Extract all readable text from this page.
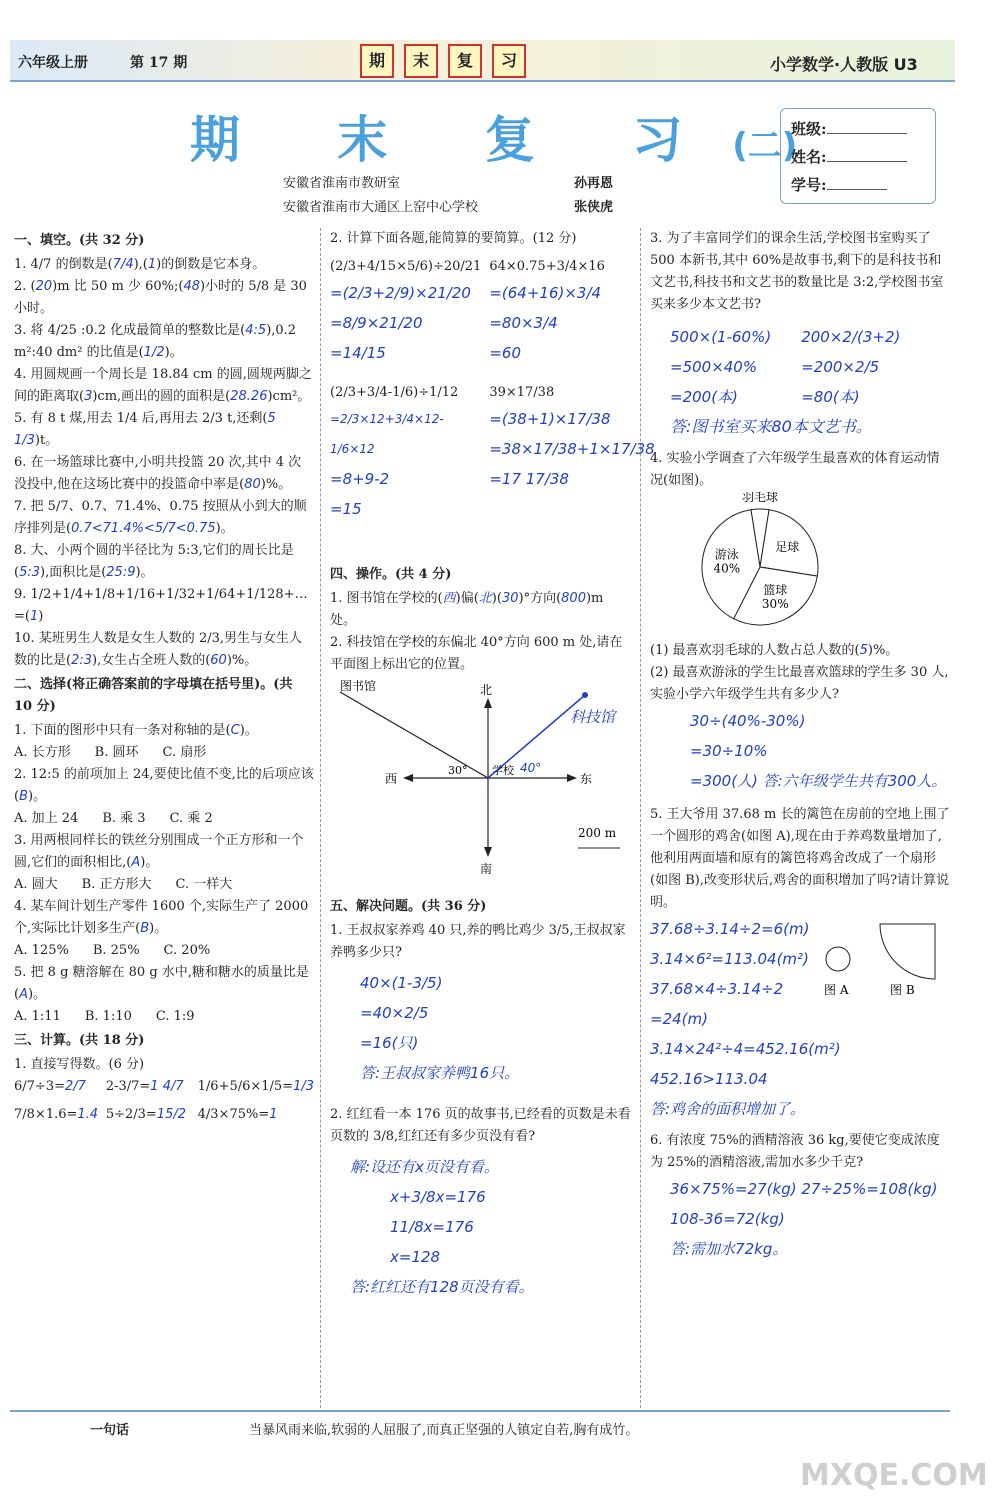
六年级上册	第 17 期	期	末	复	习	小学数学·人教版 U3
期 末 复 习 (二)
安徽省淮南市教研室	孙再恩
安徽省淮南市大通区上窑中心学校	张侠虎
班级:
姓名:
学号:
一、填空。(共 32 分)
1. 4/7 的倒数是(7/4),(1)的倒数是它本身。
2. (20)m 比 50 m 少 60%;(48)小时的 5/8 是 30 小时。
3. 将 4/25 :0.2 化成最简单的整数比是(4:5),0.2 m²:40 dm² 的比值是(1/2)。
4. 用圆规画一个周长是 18.84 cm 的圆,圆规两脚之间的距离取(3)cm,画出的圆的面积是(28.26)cm²。
5. 有 8 t 煤,用去 1/4 后,再用去 2/3 t,还剩(5 1/3)t。
6. 在一场篮球比赛中,小明共投篮 20 次,其中 4 次没投中,他在这场比赛中的投篮命中率是(80)%。
7. 把 5/7、0.7、71.4%、0.75 按照从小到大的顺序排列是(0.7<71.4%<5/7<0.75)。
8. 大、小两个圆的半径比为 5:3,它们的周长比是(5:3),面积比是(25:9)。
9. 1/2+1/4+1/8+1/16+1/32+1/64+1/128+…=(1)
10. 某班男生人数是女生人数的 2/3,男生与女生人数的比是(2:3),女生占全班人数的(60)%。
二、选择(将正确答案前的字母填在括号里)。(共 10 分)
1. 下面的图形中只有一条对称轴的是(C)。
A. 长方形 B. 圆环 C. 扇形
2. 12:5 的前项加上 24,要使比值不变,比的后项应该(B)。
A. 加上 24 B. 乘 3 C. 乘 2
3. 用两根同样长的铁丝分别围成一个正方形和一个圆,它们的面积相比,(A)。
A. 圆大 B. 正方形大 C. 一样大
4. 某车间计划生产零件 1600 个,实际生产了 2000 个,实际比计划多生产(B)。
A. 125% B. 25% C. 20%
5. 把 8 g 糖溶解在 80 g 水中,糖和糖水的质量比是(A)。
A. 1:11 B. 1:10 C. 1:9
三、计算。(共 18 分)
1. 直接写得数。(6 分)
6/7÷3=2/7	2-3/7=1 4/7	1/6+5/6×1/5=1/3
7/8×1.6=1.4 5÷2/3=15/2 4/3×75%=1
2. 计算下面各题,能简算的要简算。(12 分)
(2/3+4/15×5/6)÷20/21
=(2/3+2/9)×21/20
=8/9×21/20
=14/15
64×0.75+3/4×16
=(64+16)×3/4
=80×3/4
=60
(2/3+3/4-1/6)÷1/12
=2/3×12+3/4×12-1/6×12
=8+9-2
=15
39×17/38
=(38+1)×17/38
=38×17/38+1×17/38
=17 17/38
四、操作。(共 4 分)
1. 图书馆在学校的(西)偏(北)(30)°方向(800)m 处。
2. 科技馆在学校的东偏北 40°方向 600 m 处,请在平面图上标出它的位置。
图书馆	北
南
东
西
学校
30°	40°
科技馆
200 m
五、解决问题。(共 36 分)
1. 王叔叔家养鸡 40 只,养的鸭比鸡少 3/5,王叔叔家养鸭多少只?
40×(1-3/5)
=40×2/5
=16(只)
答:王叔叔家养鸭16只。
2. 红红看一本 176 页的故事书,已经看的页数是未看页数的 3/8,红红还有多少页没有看?
解:设还有x页没有看。
x+3/8x=176
11/8x=176
x=128
答:红红还有128页没有看。
3. 为了丰富同学们的课余生活,学校图书室购买了 500 本新书,其中 60%是故事书,剩下的是科技书和文艺书,科技书和文艺书的数量比是 3:2,学校图书室买来多少本文艺书?
500×(1-60%)
=500×40%
=200(本)
200×2/(3+2)
=200×2/5
=80(本)
答:图书室买来80本文艺书。
4. 实验小学调查了六年级学生最喜欢的体育运动情况(如图)。
羽毛球
足球
篮球
30%
游泳
40%
(1) 最喜欢羽毛球的人数占总人数的(5)%。
(2) 最喜欢游泳的学生比最喜欢篮球的学生多 30 人,实验小学六年级学生共有多少人?
30÷(40%-30%)
=30÷10%
=300(人) 答:六年级学生共有300人。
5. 王大爷用 37.68 m 长的篱笆在房前的空地上围了一个圆形的鸡舍(如图 A),现在由于养鸡数量增加了,他利用两面墙和原有的篱笆将鸡舍改成了一个扇形(如图 B),改变形状后,鸡舍的面积增加了吗?请计算说明。
37.68÷3.14÷2=6(m)
3.14×6²=113.04(m²)
37.68×4÷3.14÷2
=24(m)
3.14×24²÷4=452.16(m²) 452.16>113.04
答:鸡舍的面积增加了。
图 A	图 B
6. 有浓度 75%的酒精溶液 36 kg,要使它变成浓度为 25%的酒精溶液,需加水多少千克?
36×75%=27(kg) 27÷25%=108(kg)
108-36=72(kg)
答:需加水72kg。
一句话	当暴风雨来临,软弱的人屈服了,而真正坚强的人镇定自若,胸有成竹。
MXQE.COM
